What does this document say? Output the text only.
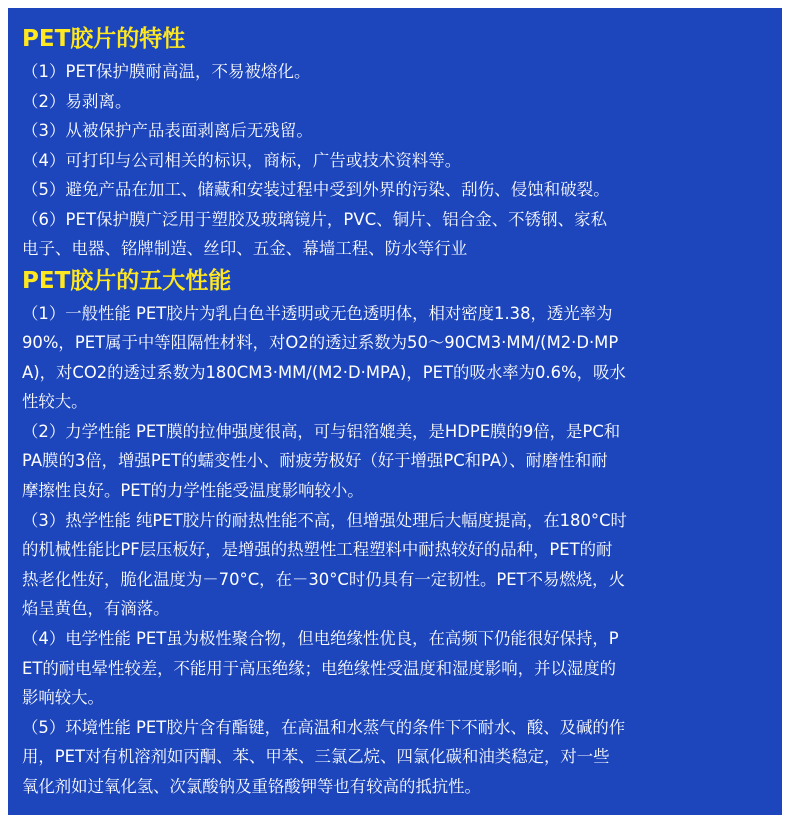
PET胶片的特性
（1）PET保护膜耐高温，不易被熔化。
（2）易剥离。
（3）从被保护产品表面剥离后无残留。
（4）可打印与公司相关的标识，商标，广告或技术资料等。
（5）避免产品在加工、储藏和安装过程中受到外界的污染、刮伤、侵蚀和破裂。
（6）PET保护膜广泛用于塑胶及玻璃镜片，PVC、铜片、铝合金、不锈钢、家私
电子、电器、铭牌制造、丝印、五金、幕墙工程、防水等行业
PET胶片的五大性能
（1）一般性能 PET胶片为乳白色半透明或无色透明体，相对密度1.38，透光率为
90%，PET属于中等阻隔性材料，对O2的透过系数为50～90CM3·MM/(M2·D·MP
A)，对CO2的透过系数为180CM3·MM/(M2·D·MPA)，PET的吸水率为0.6%，吸水
性较大。
（2）力学性能 PET膜的拉伸强度很高，可与铝箔媲美，是HDPE膜的9倍，是PC和
PA膜的3倍，增强PET的蠕变性小、耐疲劳极好（好于增强PC和PA）、耐磨性和耐
摩擦性良好。PET的力学性能受温度影响较小。
（3）热学性能 纯PET胶片的耐热性能不高，但增强处理后大幅度提高，在180°C时
的机械性能比PF层压板好，是增强的热塑性工程塑料中耐热较好的品种，PET的耐
热老化性好，脆化温度为－70°C，在－30°C时仍具有一定韧性。PET不易燃烧，火
焰呈黄色，有滴落。
（4）电学性能 PET虽为极性聚合物，但电绝缘性优良，在高频下仍能很好保持，P
ET的耐电晕性较差，不能用于高压绝缘；电绝缘性受温度和湿度影响，并以湿度的
影响较大。
（5）环境性能 PET胶片含有酯键，在高温和水蒸气的条件下不耐水、酸、及碱的作
用，PET对有机溶剂如丙酮、苯、甲苯、三氯乙烷、四氯化碳和油类稳定，对一些
氧化剂如过氧化氢、次氯酸钠及重铬酸钾等也有较高的抵抗性。
